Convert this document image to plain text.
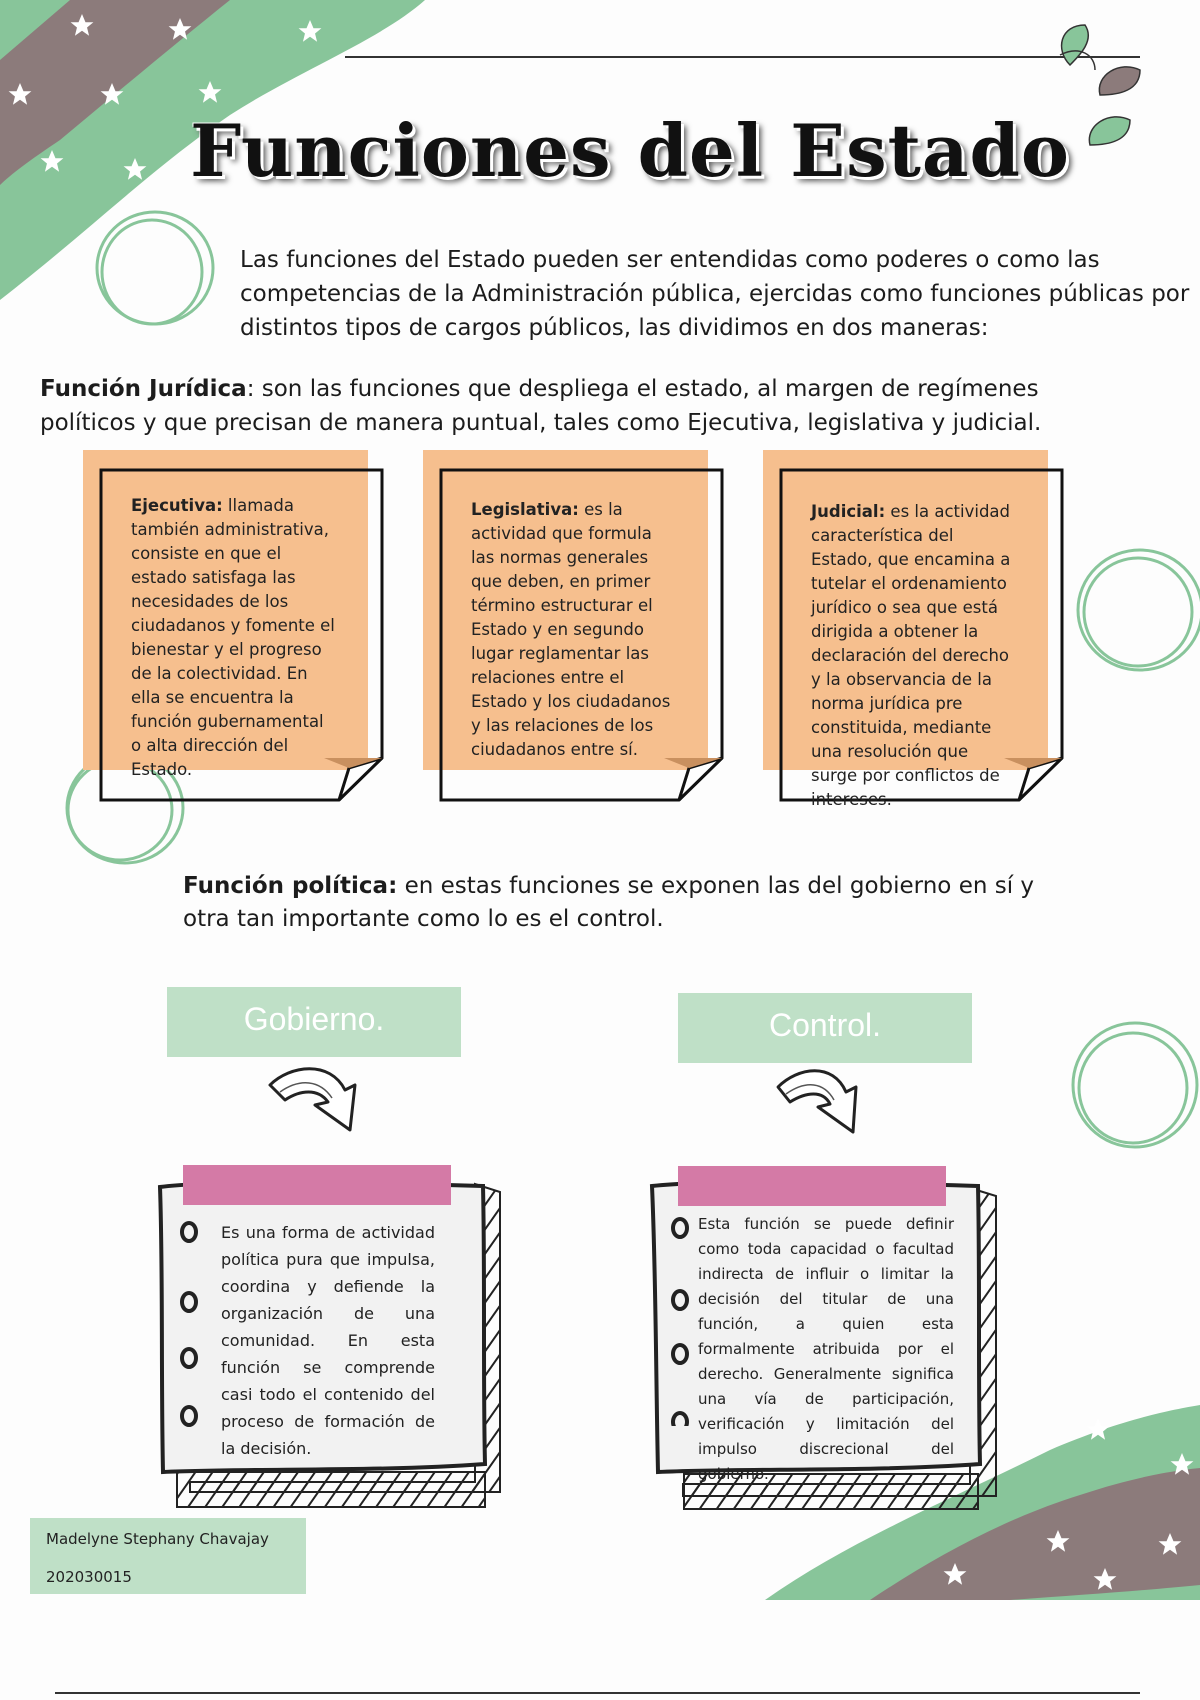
Funciones del Estado
Las funciones del Estado pueden ser entendidas como poderes o como las competencias de la Administración pública, ejercidas como funciones públicas por distintos tipos de cargos públicos, las dividimos en dos maneras:
Función Jurídica: son las funciones que despliega el estado, al margen de regímenes políticos y que precisan de manera puntual, tales como Ejecutiva, legislativa y judicial.
Ejecutiva: llamada también administrativa, consiste en que el estado satisfaga las necesidades de los ciudadanos y fomente el bienestar y el progreso de la colectividad. En ella se encuentra la función gubernamental o alta dirección del Estado.
Legislativa: es la actividad que formula las normas generales que deben, en primer término estructurar el Estado y en segundo lugar reglamentar las relaciones entre el Estado y los ciudadanos y las relaciones de los ciudadanos entre sí.
Judicial: es la actividad característica del Estado, que encamina a tutelar el ordenamiento jurídico o sea que está dirigida a obtener la declaración del derecho y la observancia de la norma jurídica pre constituida, mediante una resolución que surge por conflictos de intereses.
Función política: en estas funciones se exponen las del gobierno en sí y otra tan importante como lo es el control.
Gobierno.	Control.
Es una forma de actividad política pura que impulsa, coordina y defiende la organización de una comunidad. En esta función se comprende casi todo el contenido del proceso de formación de la decisión.
Esta función se puede definir como toda capacidad o facultad indirecta de influir o limitar la decisión del titular de una función, a quien esta formalmente atribuida por el derecho. Generalmente significa una vía de participación, verificación y limitación del impulso discrecional del gobierno.
Madelyne Stephany Chavajay
202030015
